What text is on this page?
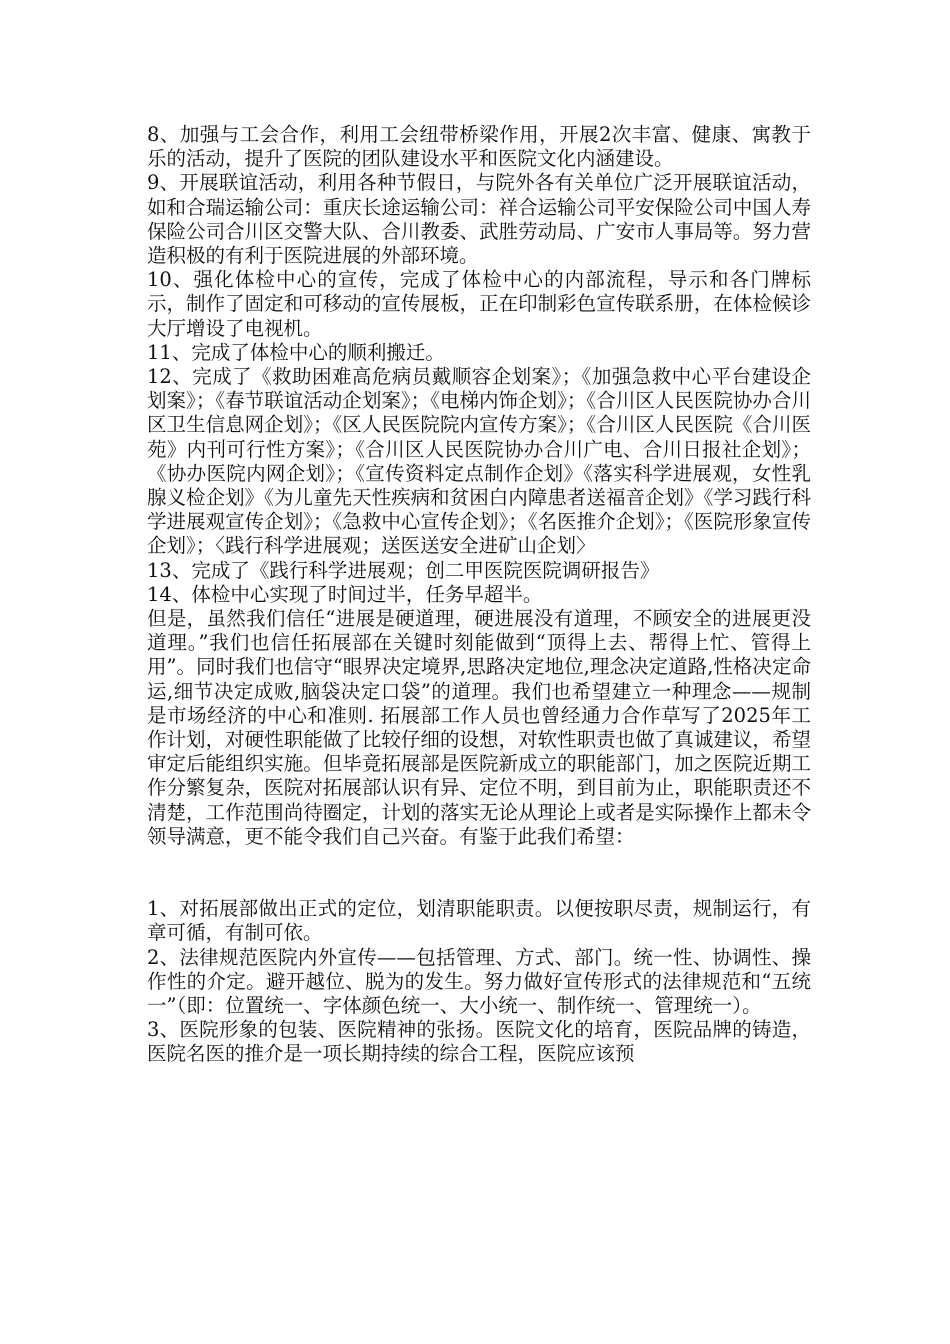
8、加强与工会合作，利用工会纽带桥梁作用，开展2次丰富、健康、寓教于乐的活动，提升了医院的团队建设水平和医院文化内涵建设。

9、开展联谊活动，利用各种节假日，与院外各有关单位广泛开展联谊活动，如和合瑞运输公司：重庆长途运输公司：祥合运输公司平安保险公司中国人寿保险公司合川区交警大队、合川教委、武胜劳动局、广安市人事局等。努力营造积极的有利于医院进展的外部环境。

10、强化体检中心的宣传，完成了体检中心的内部流程，导示和各门牌标示，制作了固定和可移动的宣传展板，正在印制彩色宣传联系册，在体检候诊大厅增设了电视机。

11、完成了体检中心的顺利搬迁。

12、完成了《救助困难高危病员戴顺容企划案》；《加强急救中心平台建设企划案》；《春节联谊活动企划案》；《电梯内饰企划》；《合川区人民医院协办合川区卫生信息网企划》；《区人民医院院内宣传方案》；《合川区人民医院《合川医苑》内刊可行性方案》；《合川区人民医院协办合川广电、合川日报社企划》；《协办医院内网企划》；《宣传资料定点制作企划》《落实科学进展观，女性乳腺义检企划》《为儿童先天性疾病和贫困白内障患者送福音企划》《学习践行科学进展观宣传企划》；《急救中心宣传企划》；《名医推介企划》；《医院形象宣传企划》；〈践行科学进展观；送医送安全进矿山企划〉

13、完成了《践行科学进展观；创二甲医院医院调研报告》

14、体检中心实现了时间过半，任务早超半。

但是，虽然我们信任“进展是硬道理，硬进展没有道理，不顾安全的进展更没道理。”我们也信任拓展部在关键时刻能做到“顶得上去、帮得上忙、管得上用”。同时我们也信守“眼界决定境界,思路决定地位,理念决定道路,性格决定命运,细节决定成败,脑袋决定口袋”的道理。我们也希望建立一种理念——规制是市场经济的中心和准则. 拓展部工作人员也曾经通力合作草写了2025年工作计划，对硬性职能做了比较仔细的设想，对软性职责也做了真诚建议，希望审定后能组织实施。但毕竟拓展部是医院新成立的职能部门，加之医院近期工作分繁复杂，医院对拓展部认识有异、定位不明，到目前为止，职能职责还不清楚，工作范围尚待圈定，计划的落实无论从理论上或者是实际操作上都未令领导满意，更不能令我们自己兴奋。有鉴于此我们希望：

1、对拓展部做出正式的定位，划清职能职责。以便按职尽责，规制运行，有章可循，有制可依。

2、法律规范医院内外宣传——包括管理、方式、部门。统一性、协调性、操作性的介定。避开越位、脱为的发生。努力做好宣传形式的法律规范和“五统一”（即：位置统一、字体颜色统一、大小统一、制作统一、管理统一）。

3、医院形象的包装、医院精神的张扬。医院文化的培育，医院品牌的铸造，医院名医的推介是一项长期持续的综合工程，医院应该预
